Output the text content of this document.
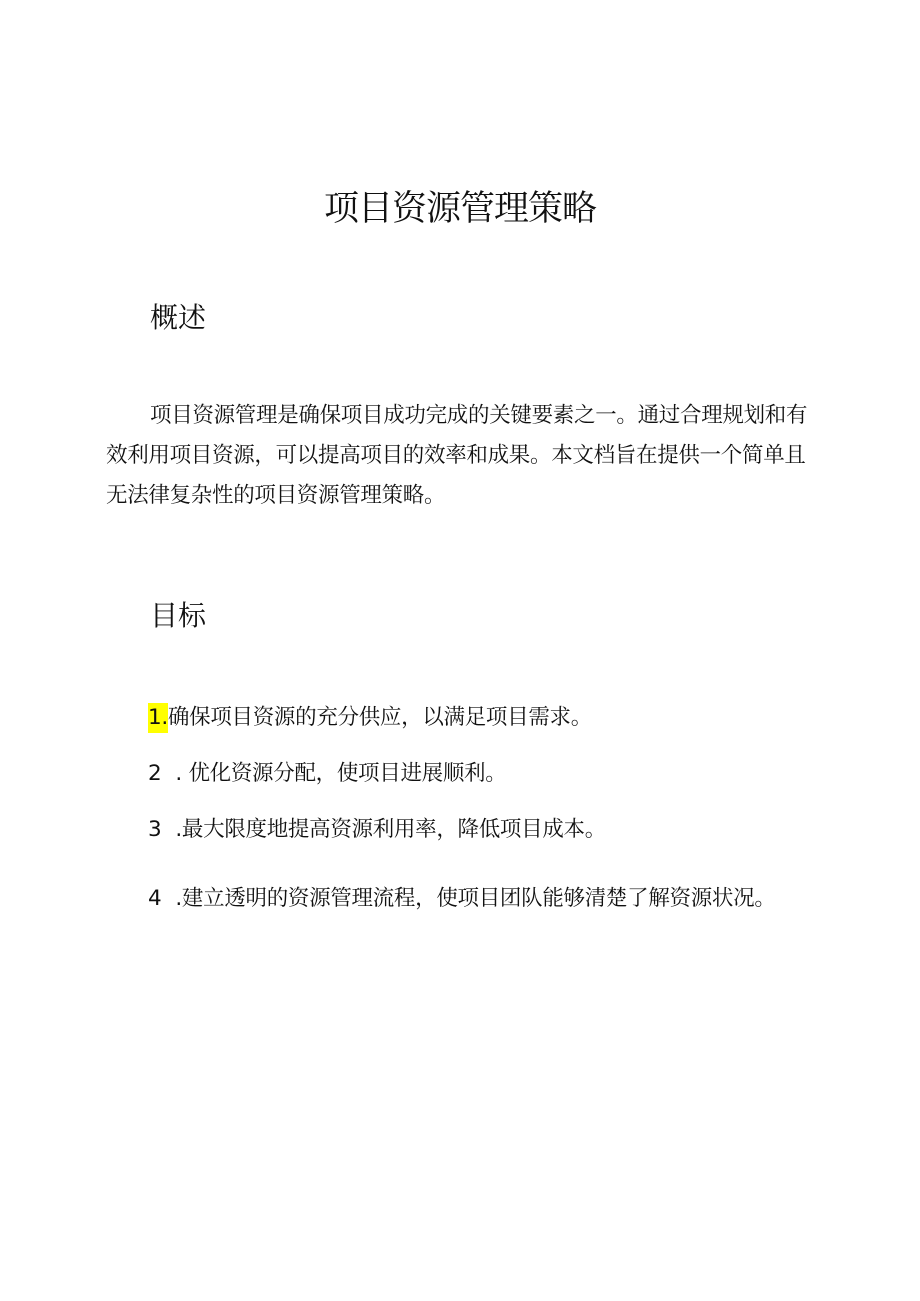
项目资源管理策略
概述

项目资源管理是确保项目成功完成的关键要素之一。通过合理规划和有效利用项目资源，可以提高项目的效率和成果。本文档旨在提供一个简单且无法律复杂性的项目资源管理策略。

目标

1.确保项目资源的充分供应，以满足项目需求。

2 . 优化资源分配，使项目进展顺利。

3 .最大限度地提高资源利用率，降低项目成本。

4 .建立透明的资源管理流程，使项目团队能够清楚了解资源状况。
